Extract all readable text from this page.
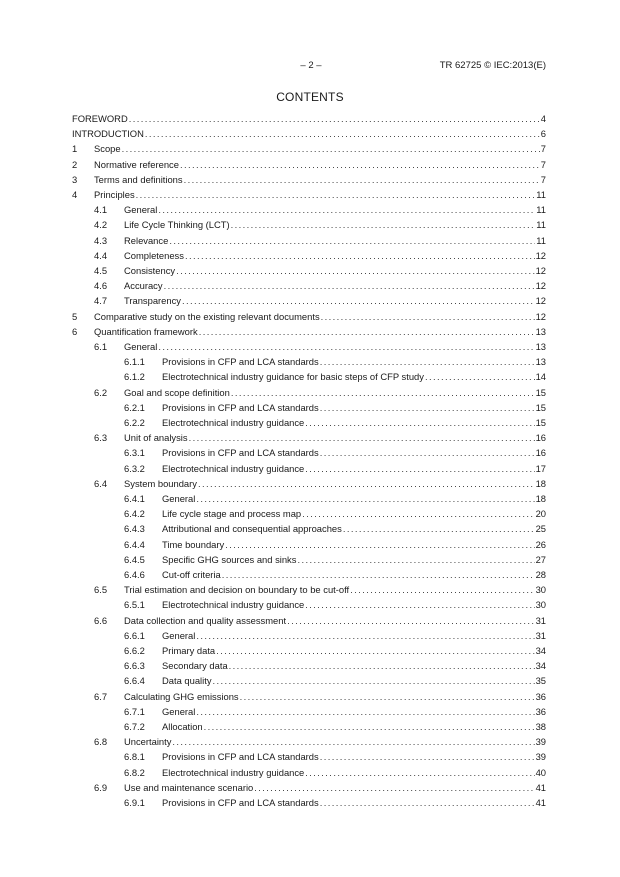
– 2 –	TR 62725 © IEC:2013(E)
CONTENTS
FOREWORD .....	4
INTRODUCTION .....	6
1	Scope .....	7
2	Normative reference .....	7
3	Terms and definitions .....	7
4	Principles .....	11
4.1	General .....	11
4.2	Life Cycle Thinking (LCT) .....	11
4.3	Relevance .....	11
4.4	Completeness .....	12
4.5	Consistency .....	12
4.6	Accuracy .....	12
4.7	Transparency .....	12
5	Comparative study on the existing relevant documents .....	12
6	Quantification framework .....	13
6.1	General .....	13
6.1.1	Provisions in CFP and LCA standards .....	13
6.1.2	Electrotechnical industry guidance for basic steps of CFP study .....	14
6.2	Goal and scope definition .....	15
6.2.1	Provisions in CFP and LCA standards .....	15
6.2.2	Electrotechnical industry guidance .....	15
6.3	Unit of analysis .....	16
6.3.1	Provisions in CFP and LCA standards .....	16
6.3.2	Electrotechnical industry guidance .....	17
6.4	System boundary .....	18
6.4.1	General .....	18
6.4.2	Life cycle stage and process map .....	20
6.4.3	Attributional and consequential approaches .....	25
6.4.4	Time boundary .....	26
6.4.5	Specific GHG sources and sinks .....	27
6.4.6	Cut-off criteria .....	28
6.5	Trial estimation and decision on boundary to be cut-off .....	30
6.5.1	Electrotechnical industry guidance .....	30
6.6	Data collection and quality assessment .....	31
6.6.1	General .....	31
6.6.2	Primary data .....	34
6.6.3	Secondary data .....	34
6.6.4	Data quality .....	35
6.7	Calculating GHG emissions .....	36
6.7.1	General .....	36
6.7.2	Allocation .....	38
6.8	Uncertainty .....	39
6.8.1	Provisions in CFP and LCA standards .....	39
6.8.2	Electrotechnical industry guidance .....	40
6.9	Use and maintenance scenario .....	41
6.9.1	Provisions in CFP and LCA standards .....	41
